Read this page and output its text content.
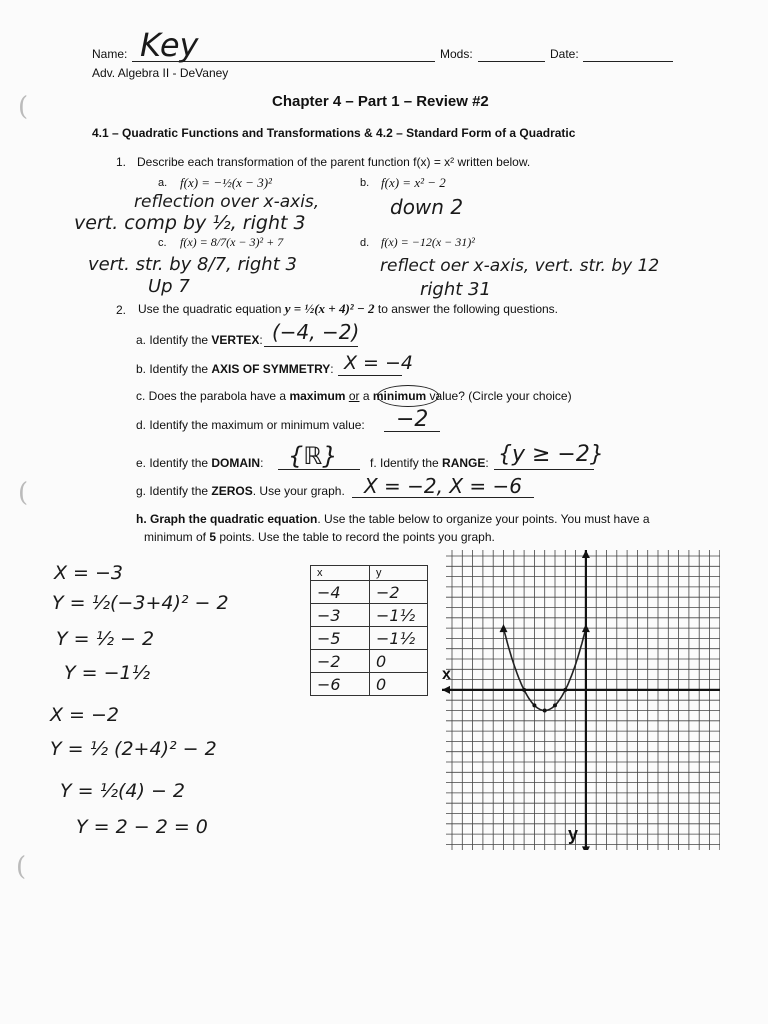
(
(
(
Name: Key	Mods:	Date:
Adv. Algebra II - DeVaney
Chapter 4 – Part 1 – Review #2
4.1 – Quadratic Functions and Transformations & 4.2 – Standard Form of a Quadratic
1. Describe each transformation of the parent function f(x) = x² written below.
a. f(x) = −½(x − 3)²
reflection over x-axis,
vert. comp by ½, right 3
b. f(x) = x² − 2
down 2
c. f(x) = 8/7(x − 3)² + 7
vert. str. by 8/7, right 3
Up 7
d. f(x) = −12(x − 31)²
reflect oer x-axis, vert. str. by 12
right 31
2. Use the quadratic equation y = ½(x + 4)² − 2 to answer the following questions.
a. Identify the VERTEX: (−4, −2)
b. Identify the AXIS OF SYMMETRY: X = −4
c. Does the parabola have a maximum or a minimum value? (Circle your choice)
d. Identify the maximum or minimum value: −2
e. Identify the DOMAIN: {ℝ}	f. Identify the RANGE: {y ≥ −2}
g. Identify the ZEROS. Use your graph. X = −2, X = −6
h. Graph the quadratic equation. Use the table below to organize your points. You must have a
minimum of 5 points. Use the table to record the points you graph.
X = −3
Y = ½(−3+4)² − 2
Y = ½ − 2
Y = −1½
X = −2
Y = ½ (2+4)² − 2
Y = ½(4) − 2
Y = 2 − 2 = 0
x	y
−4	−2
−3	−1½
−5	−1½
−2	0
−6	0	x
y
